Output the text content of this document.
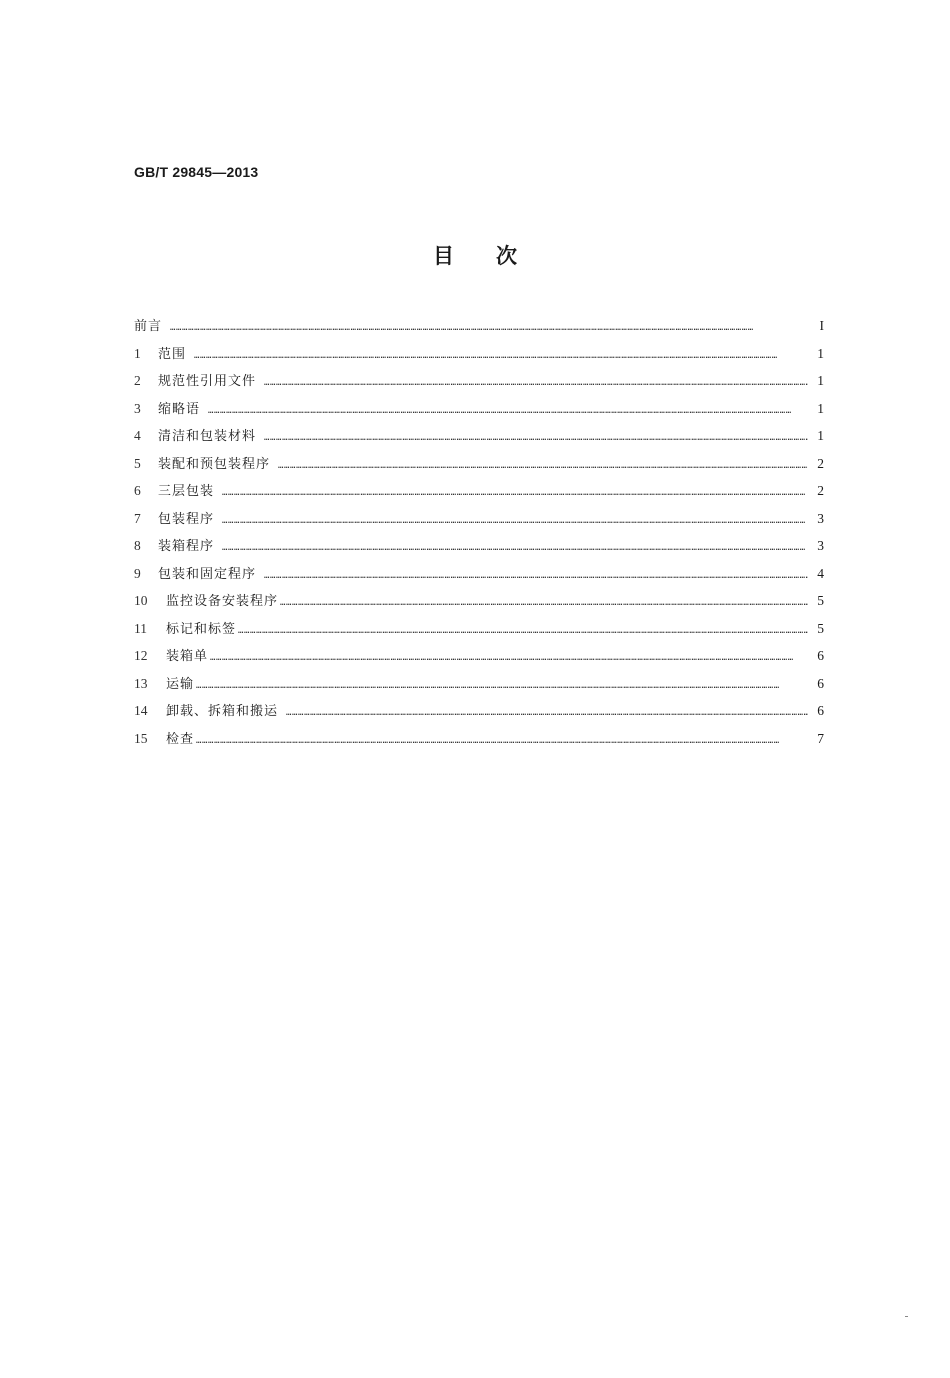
GB/T 29845—2013
目 次
前言 …………………………………………………………………………………………………………………………………………………………………………………………………………………………………………………………………	I
1	范围 …………………………………………………………………………………………………………………………………………………………………………………………………………………………………………………………………	1
2	规范性引用文件 …………………………………………………………………………………………………………………………………………………………………………………………………………………………………………………………………	1
3	缩略语 …………………………………………………………………………………………………………………………………………………………………………………………………………………………………………………………………	1
4	清洁和包装材料 …………………………………………………………………………………………………………………………………………………………………………………………………………………………………………………………………	1
5	装配和预包装程序 …………………………………………………………………………………………………………………………………………………………………………………………………………………………………………………………………	2
6	三层包装 …………………………………………………………………………………………………………………………………………………………………………………………………………………………………………………………………	2
7	包装程序 …………………………………………………………………………………………………………………………………………………………………………………………………………………………………………………………………	3
8	装箱程序 …………………………………………………………………………………………………………………………………………………………………………………………………………………………………………………………………	3
9	包装和固定程序 …………………………………………………………………………………………………………………………………………………………………………………………………………………………………………………………………	4
10	监控设备安装程序 …………………………………………………………………………………………………………………………………………………………………………………………………………………………………………………………………	5
11	标记和标签 …………………………………………………………………………………………………………………………………………………………………………………………………………………………………………………………………	5
12	装箱单 …………………………………………………………………………………………………………………………………………………………………………………………………………………………………………………………………	6
13	运输 …………………………………………………………………………………………………………………………………………………………………………………………………………………………………………………………………	6
14	卸载、拆箱和搬运 …………………………………………………………………………………………………………………………………………………………………………………………………………………………………………………………………	6
15	检查 …………………………………………………………………………………………………………………………………………………………………………………………………………………………………………………………………	7
